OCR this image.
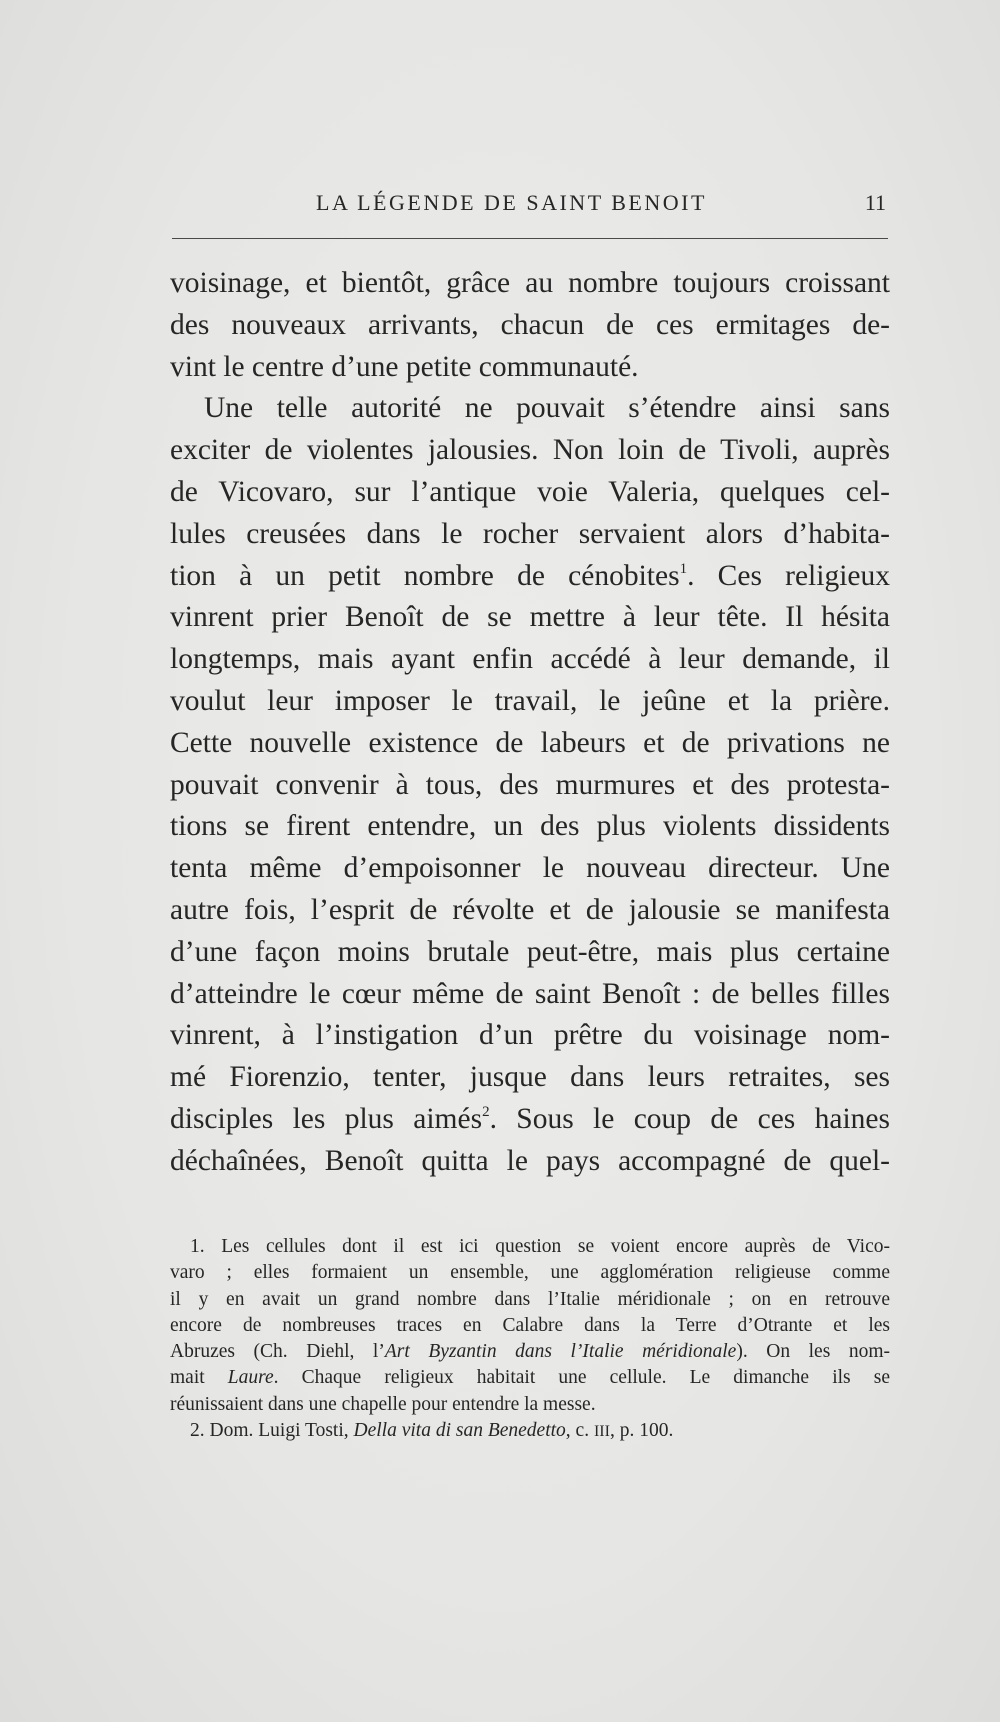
LA LÉGENDE DE SAINT BENOIT	11
voisinage, et bientôt, grâce au nombre toujours croissant
des nouveaux arrivants, chacun de ces ermitages de-
vint le centre d’une petite communauté.
Une telle autorité ne pouvait s’étendre ainsi sans
exciter de violentes jalousies. Non loin de Tivoli, auprès
de Vicovaro, sur l’antique voie Valeria, quelques cel-
lules creusées dans le rocher servaient alors d’habita-
tion à un petit nombre de cénobites$^1$. Ces religieux
vinrent prier Benoît de se mettre à leur tête. Il hésita
longtemps, mais ayant enfin accédé à leur demande, il
voulut leur imposer le travail, le jeûne et la prière.
Cette nouvelle existence de labeurs et de privations ne
pouvait convenir à tous, des murmures et des protesta-
tions se firent entendre, un des plus violents dissidents
tenta même d’empoisonner le nouveau directeur. Une
autre fois, l’esprit de révolte et de jalousie se manifesta
d’une façon moins brutale peut-être, mais plus certaine
d’atteindre le cœur même de saint Benoît : de belles filles
vinrent, à l’instigation d’un prêtre du voisinage nom-
mé Fiorenzio, tenter, jusque dans leurs retraites, ses
disciples les plus aimés$^2$. Sous le coup de ces haines
déchaînées, Benoît quitta le pays accompagné de quel-
1. Les cellules dont il est ici question se voient encore auprès de Vico-
varo ; elles formaient un ensemble, une agglomération religieuse comme
il y en avait un grand nombre dans l’Italie méridionale ; on en retrouve
encore de nombreuses traces en Calabre dans la Terre d’Otrante et les
Abruzes (Ch. Diehl, l’Art Byzantin dans l’Italie méridionale). On les nom-
mait Laure. Chaque religieux habitait une cellule. Le dimanche ils se
réunissaient dans une chapelle pour entendre la messe.
2. Dom. Luigi Tosti, Della vita di san Benedetto, c. III, p. 100.
